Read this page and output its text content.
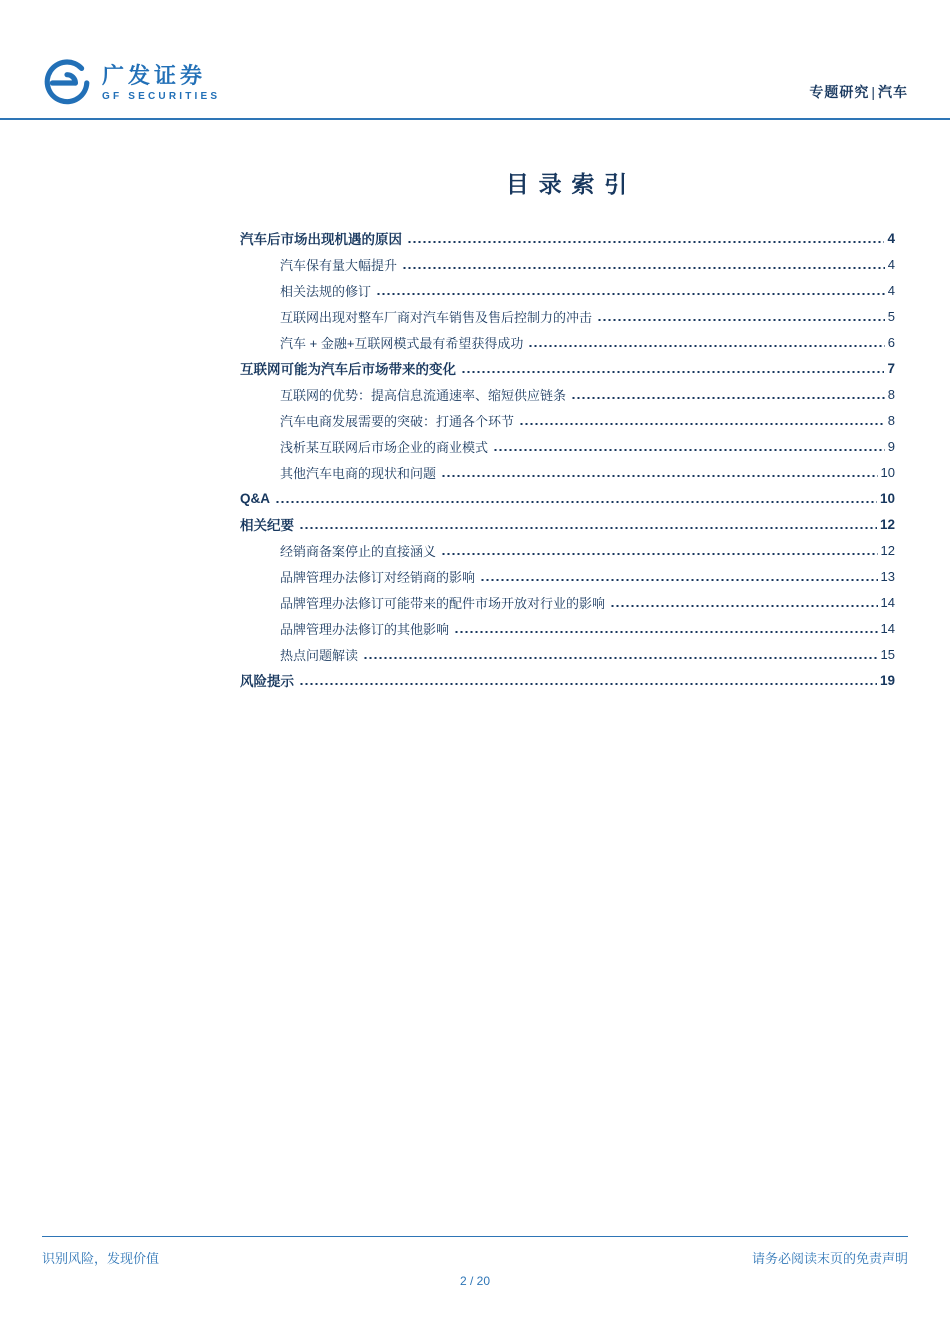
广发证券
GF SECURITIES	专题研究 | 汽车
目 录 索 引
汽车后市场出现机遇的原因	4
汽车保有量大幅提升	4
相关法规的修订	4
互联网出现对整车厂商对汽车销售及售后控制力的冲击	5
汽车 + 金融+互联网模式最有希望获得成功	6
互联网可能为汽车后市场带来的变化	7
互联网的优势：提高信息流通速率、缩短供应链条	8
汽车电商发展需要的突破：打通各个环节	8
浅析某互联网后市场企业的商业模式	9
其他汽车电商的现状和问题	10
Q&A	10
相关纪要	12
经销商备案停止的直接涵义	12
品牌管理办法修订对经销商的影响	13
品牌管理办法修订可能带来的配件市场开放对行业的影响	14
品牌管理办法修订的其他影响	14
热点问题解读	15
风险提示	19
识别风险，发现价值	请务必阅读末页的免责声明
2 / 20
